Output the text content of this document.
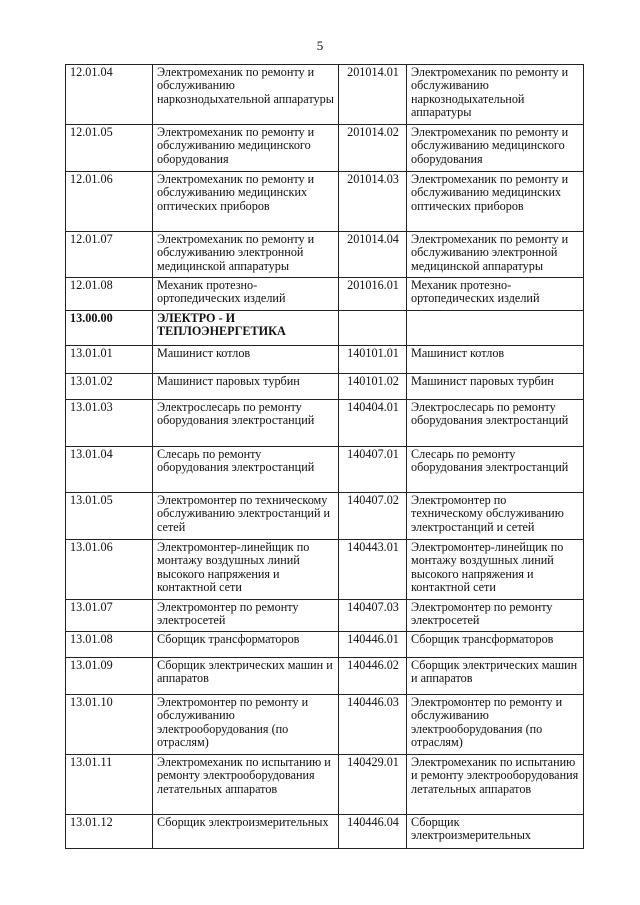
5
12.01.04	Электромеханик по ремонту и обслуживанию наркознодыхательной аппаратуры	201014.01	Электромеханик по ремонту и обслуживанию наркознодыхательной аппаратуры
12.01.05	Электромеханик по ремонту и обслуживанию медицинского оборудования	201014.02	Электромеханик по ремонту и обслуживанию медицинского оборудования
12.01.06	Электромеханик по ремонту и обслуживанию медицинских оптических приборов	201014.03	Электромеханик по ремонту и обслуживанию медицинских оптических приборов
12.01.07	Электромеханик по ремонту и обслуживанию электронной медицинской аппаратуры	201014.04	Электромеханик по ремонту и обслуживанию электронной медицинской аппаратуры
12.01.08	Механик протезно-ортопедических изделий	201016.01	Механик протезно-ортопедических изделий
13.00.00	ЭЛЕКТРО - И ТЕПЛОЭНЕРГЕТИКА		
13.01.01	Машинист котлов	140101.01	Машинист котлов
13.01.02	Машинист паровых турбин	140101.02	Машинист паровых турбин
13.01.03	Электрослесарь по ремонту оборудования электростанций	140404.01	Электрослесарь по ремонту оборудования электростанций
13.01.04	Слесарь по ремонту оборудования электростанций	140407.01	Слесарь по ремонту оборудования электростанций
13.01.05	Электромонтер по техническому обслуживанию электростанций и сетей	140407.02	Электромонтер по техническому обслуживанию электростанций и сетей
13.01.06	Электромонтер-линейщик по монтажу воздушных линий высокого напряжения и контактной сети	140443.01	Электромонтер-линейщик по монтажу воздушных линий высокого напряжения и контактной сети
13.01.07	Электромонтер по ремонту электросетей	140407.03	Электромонтер по ремонту электросетей
13.01.08	Сборщик трансформаторов	140446.01	Сборщик трансформаторов
13.01.09	Сборщик электрических машин и аппаратов	140446.02	Сборщик электрических машин и аппаратов
13.01.10	Электромонтер по ремонту и обслуживанию электрооборудования (по отраслям)	140446.03	Электромонтер по ремонту и обслуживанию электрооборудования (по отраслям)
13.01.11	Электромеханик по испытанию и ремонту электрооборудования летательных аппаратов	140429.01	Электромеханик по испытанию и ремонту электрооборудования летательных аппаратов
13.01.12	Сборщик электроизмерительных	140446.04	Сборщик электроизмерительных
